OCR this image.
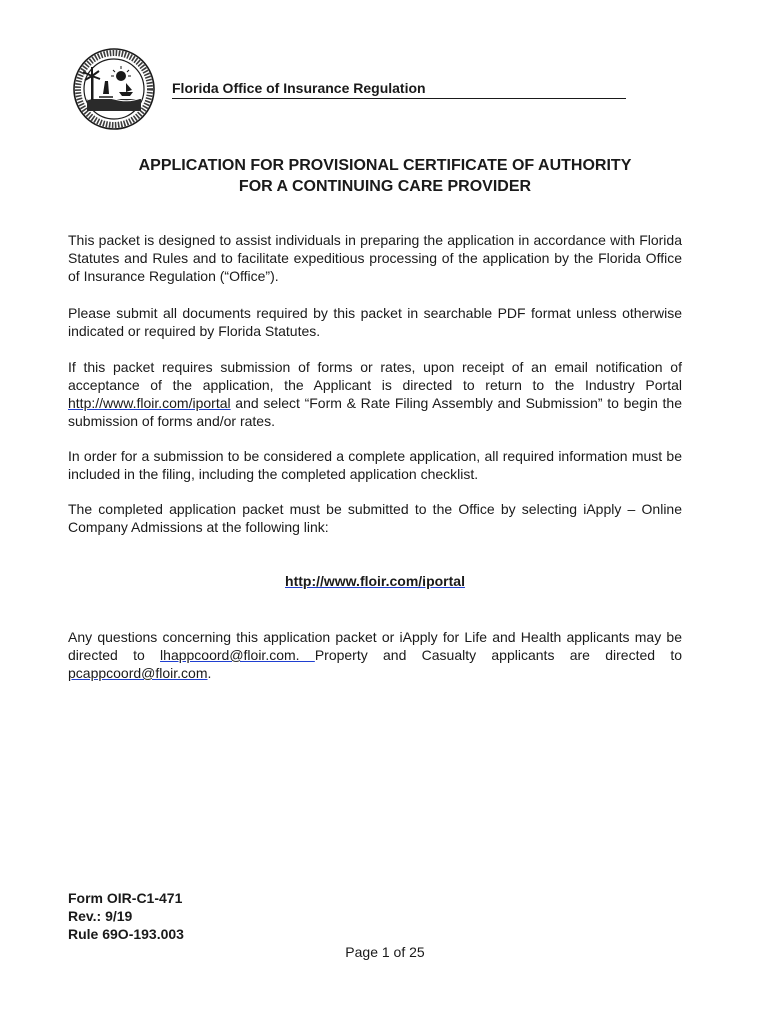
Florida Office of Insurance Regulation
APPLICATION FOR PROVISIONAL CERTIFICATE OF AUTHORITY
FOR A CONTINUING CARE PROVIDER

This packet is designed to assist individuals in preparing the application in accordance with Florida Statutes and Rules and to facilitate expeditious processing of the application by the Florida Office of Insurance Regulation (“Office”).

Please submit all documents required by this packet in searchable PDF format unless otherwise indicated or required by Florida Statutes.

If this packet requires submission of forms or rates, upon receipt of an email notification of acceptance of the application, the Applicant is directed to return to the Industry Portal http://www.floir.com/iportal and select “Form & Rate Filing Assembly and Submission” to begin the submission of forms and/or rates.

In order for a submission to be considered a complete application, all required information must be included in the filing, including the completed application checklist.

The completed application packet must be submitted to the Office by selecting iApply – Online Company Admissions at the following link:

http://www.floir.com/iportal

Any questions concerning this application packet or iApply for Life and Health applicants may be directed to lhappcoord@floir.com. Property and Casualty applicants are directed to pcappcoord@floir.com.

Form OIR-C1-471
Rev.: 9/19
Rule 69O-193.003
Page 1 of 25
